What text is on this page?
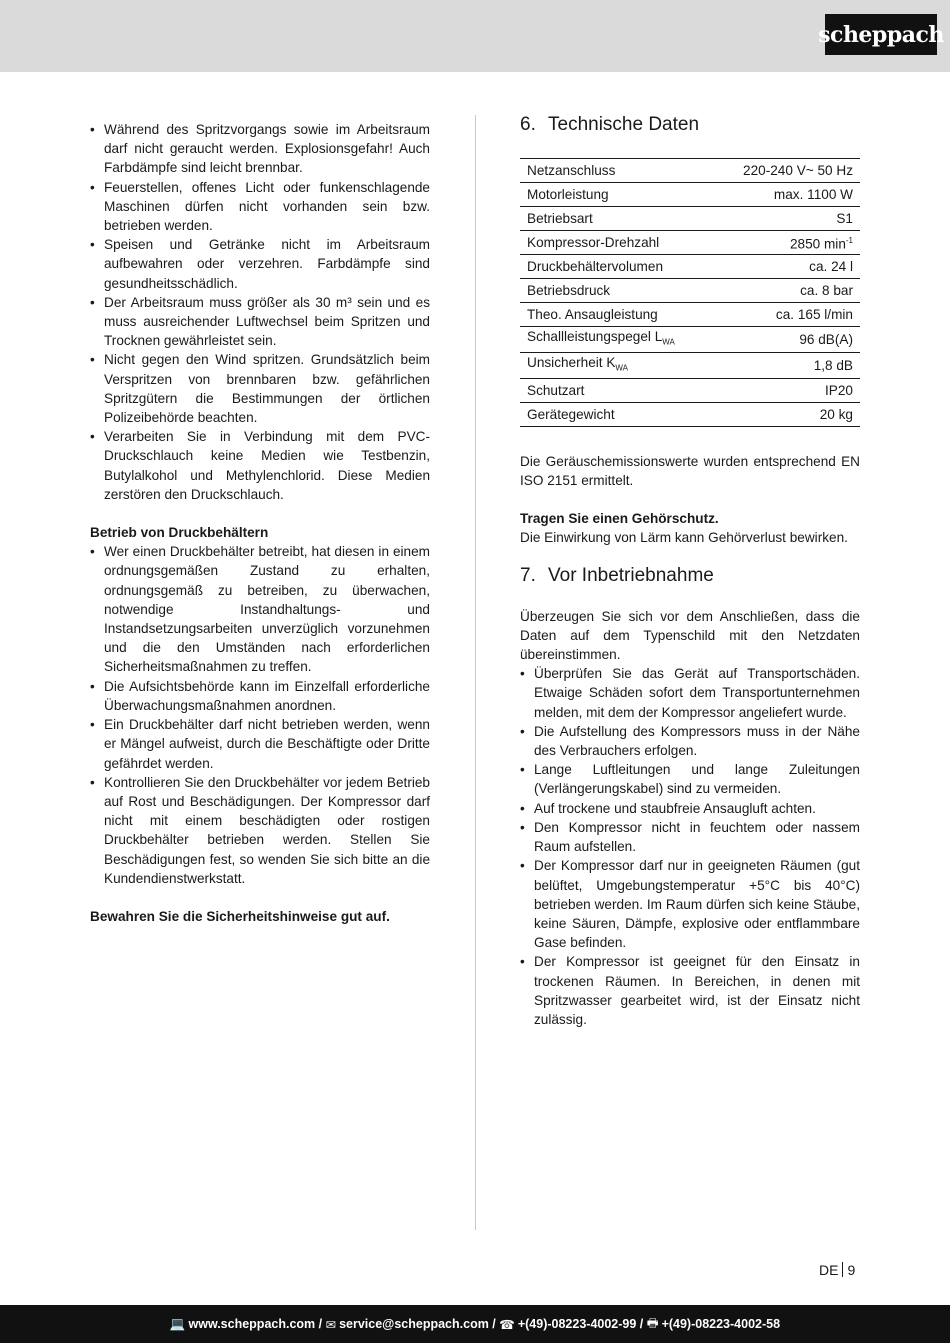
scheppach
• Während des Spritzvorgangs sowie im Arbeitsraum darf nicht geraucht werden. Explosionsgefahr! Auch Farbdämpfe sind leicht brennbar.
• Feuerstellen, offenes Licht oder funkenschlagende Maschinen dürfen nicht vorhanden sein bzw. betrieben werden.
• Speisen und Getränke nicht im Arbeitsraum aufbewahren oder verzehren. Farbdämpfe sind gesundheitsschädlich.
• Der Arbeitsraum muss größer als 30 m³ sein und es muss ausreichender Luftwechsel beim Spritzen und Trocknen gewährleistet sein.
• Nicht gegen den Wind spritzen. Grundsätzlich beim Verspritzen von brennbaren bzw. gefährlichen Spritzgütern die Bestimmungen der örtlichen Polizeibehörde beachten.
• Verarbeiten Sie in Verbindung mit dem PVC-Druckschlauch keine Medien wie Testbenzin, Butylalkohol und Methylenchlorid. Diese Medien zerstören den Druckschlauch.
Betrieb von Druckbehältern
• Wer einen Druckbehälter betreibt, hat diesen in einem ordnungsgemäßen Zustand zu erhalten, ordnungsgemäß zu betreiben, zu überwachen, notwendige Instandhaltungs- und Instandsetzungsarbeiten unverzüglich vorzunehmen und die den Umständen nach erforderlichen Sicherheitsmaßnahmen zu treffen.
• Die Aufsichtsbehörde kann im Einzelfall erforderliche Überwachungsmaßnahmen anordnen.
• Ein Druckbehälter darf nicht betrieben werden, wenn er Mängel aufweist, durch die Beschäftigte oder Dritte gefährdet werden.
• Kontrollieren Sie den Druckbehälter vor jedem Betrieb auf Rost und Beschädigungen. Der Kompressor darf nicht mit einem beschädigten oder rostigen Druckbehälter betrieben werden. Stellen Sie Beschädigungen fest, so wenden Sie sich bitte an die Kundendienstwerkstatt.
Bewahren Sie die Sicherheitshinweise gut auf.
6. Technische Daten
Netzanschluss	220-240 V~ 50 Hz
Motorleistung	max. 1100 W
Betriebsart	S1
Kompressor-Drehzahl	2850 $\min^{-1}$
Druckbehältervolumen	ca. 24 l
Betriebsdruck	ca. 8 bar
Theo. Ansaugleistung	ca. 165 l/min
Schallleistungspegel $L_{WA}$	96 dB(A)
Unsicherheit $K_{WA}$	1,8 dB
Schutzart	IP20
Gerätegewicht	20 kg

Die Geräuschemissionswerte wurden entsprechend EN ISO 2151 ermittelt.

Tragen Sie einen Gehörschutz.

Die Einwirkung von Lärm kann Gehörverlust bewirken.

7. Vor Inbetriebnahme

Überzeugen Sie sich vor dem Anschließen, dass die Daten auf dem Typenschild mit den Netzdaten übereinstimmen.

• Überprüfen Sie das Gerät auf Transportschäden. Etwaige Schäden sofort dem Transportunternehmen melden, mit dem der Kompressor angeliefert wurde.
• Die Aufstellung des Kompressors muss in der Nähe des Verbrauchers erfolgen.
• Lange Luftleitungen und lange Zuleitungen (Verlängerungskabel) sind zu vermeiden.
• Auf trockene und staubfreie Ansaugluft achten.
• Den Kompressor nicht in feuchtem oder nassem Raum aufstellen.
• Der Kompressor darf nur in geeigneten Räumen (gut belüftet, Umgebungstemperatur +5°C bis 40°C) betrieben werden. Im Raum dürfen sich keine Stäube, keine Säuren, Dämpfe, explosive oder entflammbare Gase befinden.
• Der Kompressor ist geeignet für den Einsatz in trockenen Räumen. In Bereichen, in denen mit Spritzwasser gearbeitet wird, ist der Einsatz nicht zulässig.
DE 9
💻 www.scheppach.com / ✉ service@scheppach.com / ☎ +(49)-08223-4002-99 / 🖶 +(49)-08223-4002-58
